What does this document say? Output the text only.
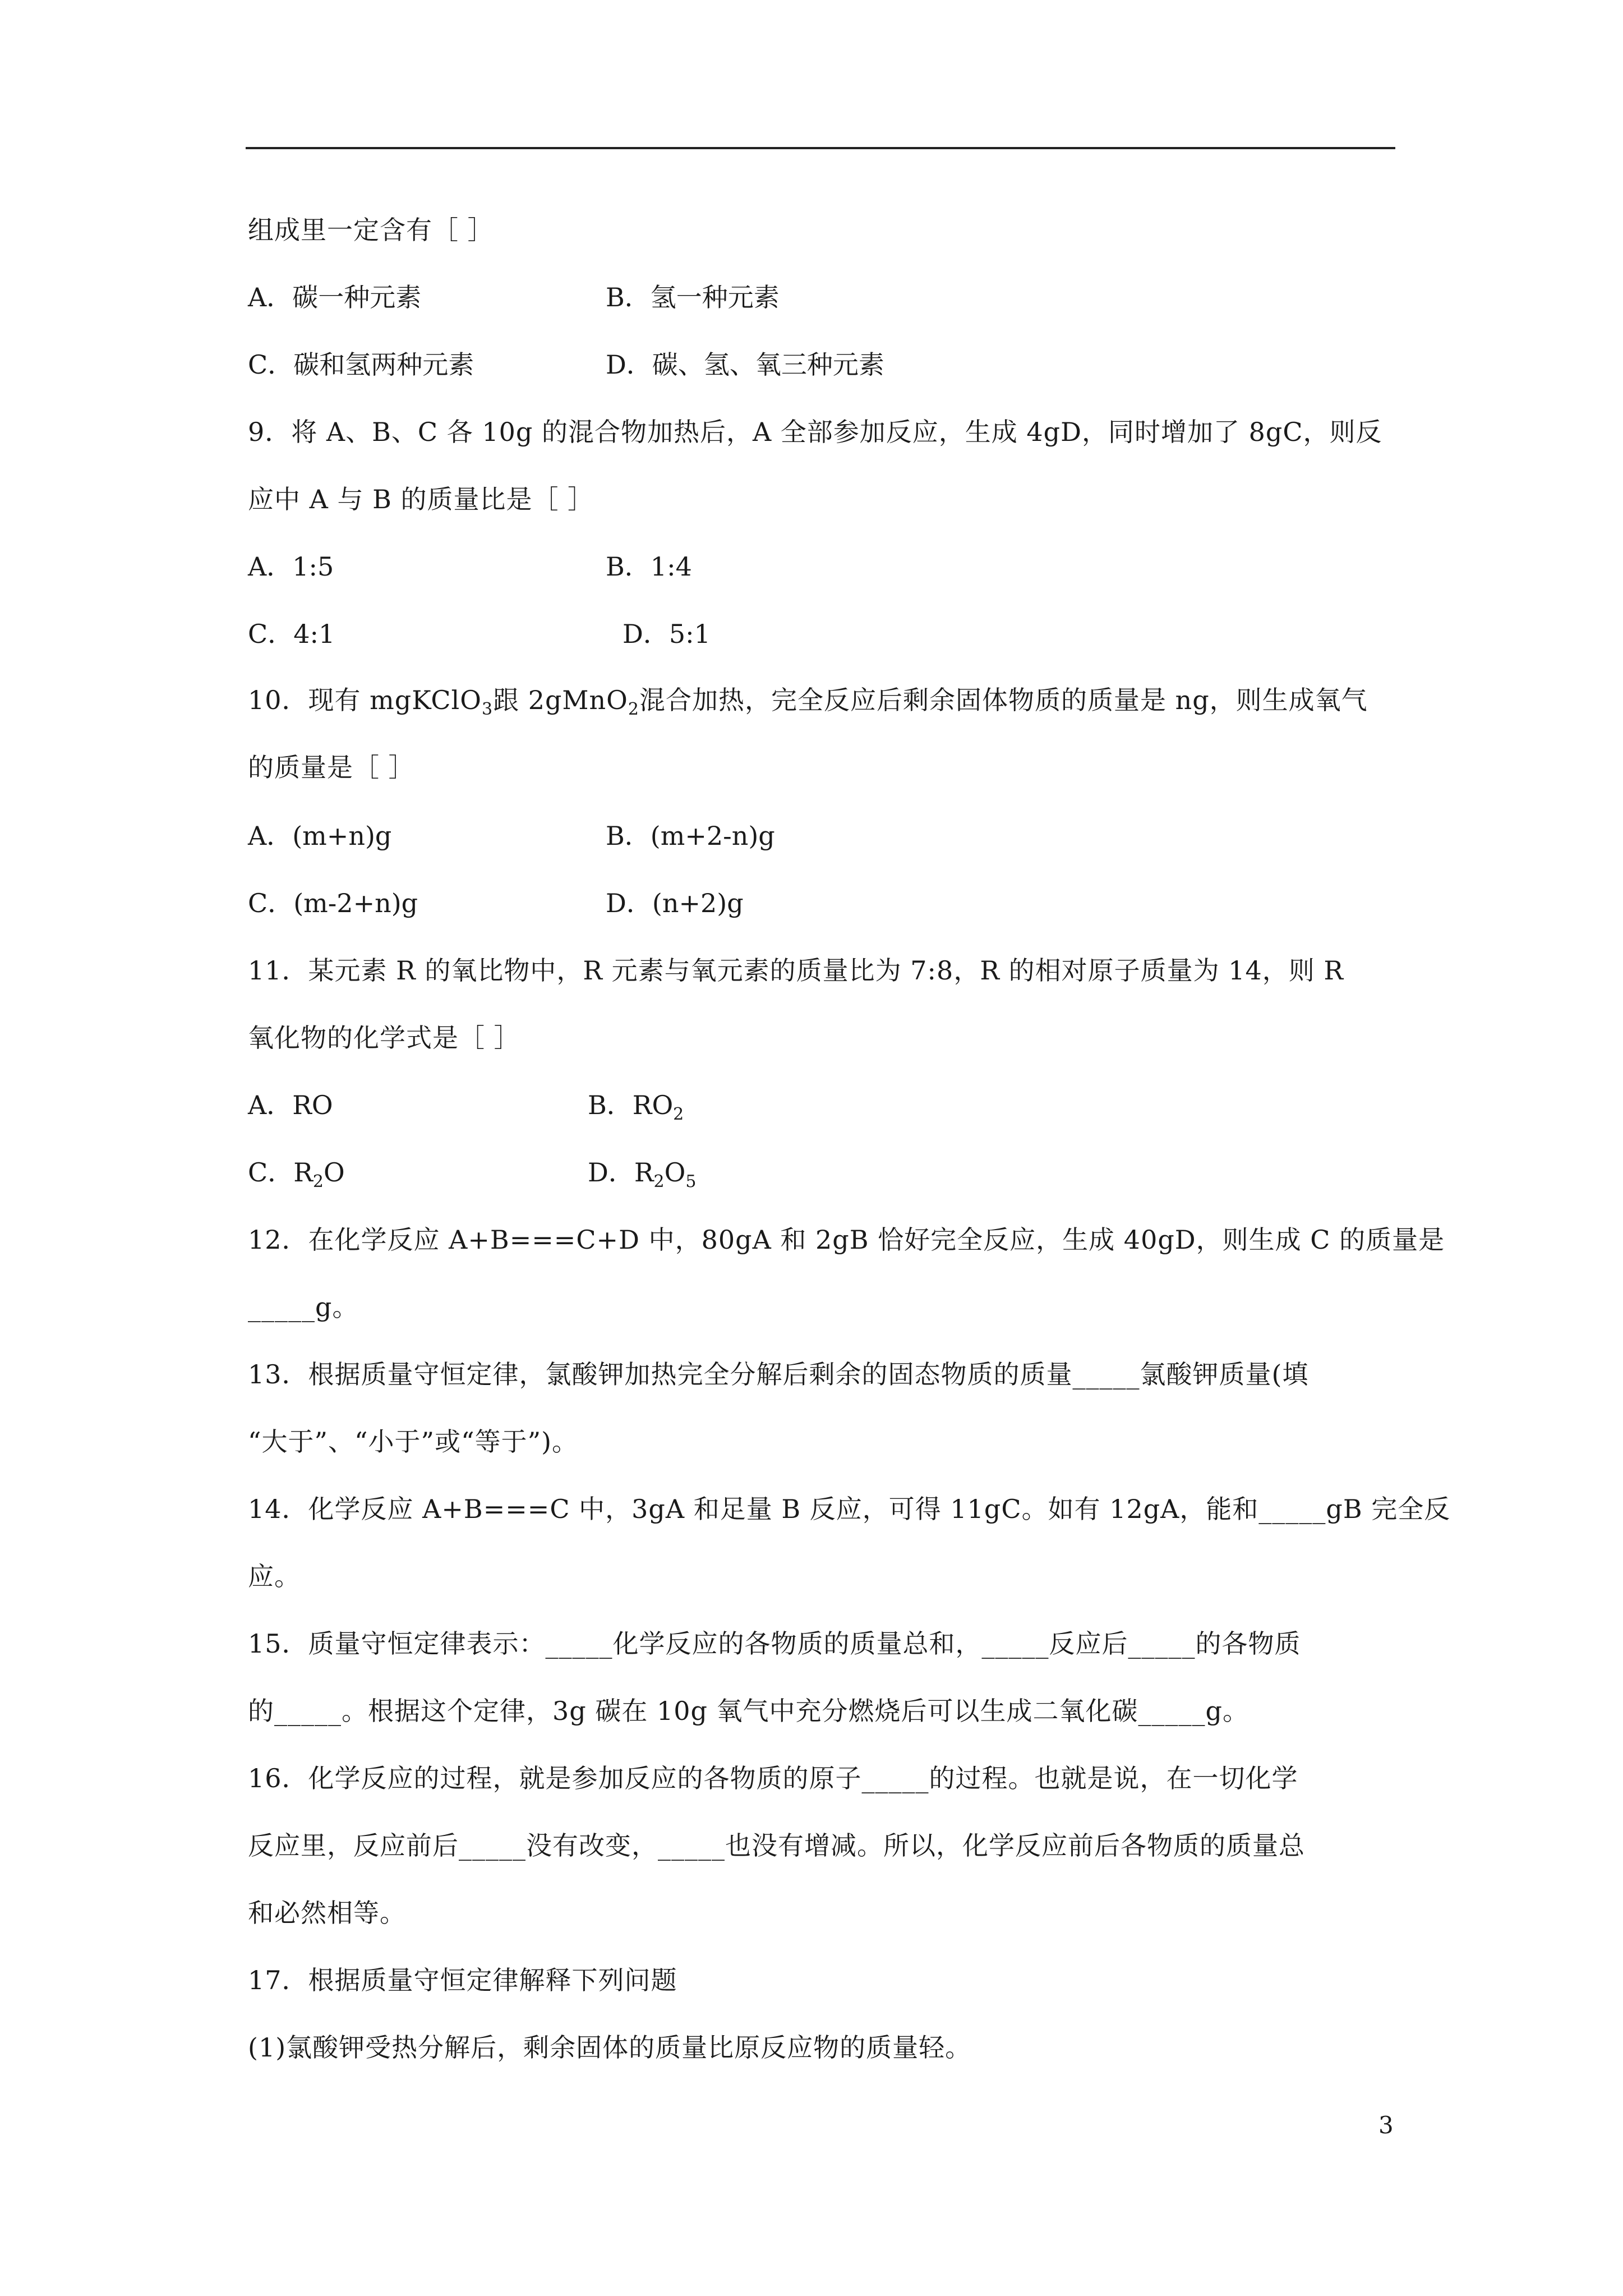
组成里一定含有［ ］
A．碳一种元素	B．氢一种元素
C．碳和氢两种元素	D．碳、氢、氧三种元素
9．将 A、B、C 各 10g 的混合物加热后，A 全部参加反应，生成 4gD，同时增加了 8gC，则反
应中 A 与 B 的质量比是［ ］
A．1:5	B．1:4
C．4:1	D．5:1
10．现有 mgKClO$_3$跟 2gMnO$_2$混合加热，完全反应后剩余固体物质的质量是 ng，则生成氧气
的质量是［ ］
A．(m+n)g	B．(m+2-n)g
C．(m-2+n)g	D．(n+2)g
11．某元素 R 的氧比物中，R 元素与氧元素的质量比为 7:8，R 的相对原子质量为 14，则 R
氧化物的化学式是［ ］
A．RO	B．$RO_2$
C．$R_2O$	D．$R_2O_5$
12．在化学反应 A+B===C+D 中，80gA 和 2gB 恰好完全反应，生成 40gD，则生成 C 的质量是
_____g。
13．根据质量守恒定律，氯酸钾加热完全分解后剩余的固态物质的质量_____氯酸钾质量(填
“大于”、“小于”或“等于”)。
14．化学反应 A+B===C 中，3gA 和足量 B 反应，可得 11gC。如有 12gA，能和_____gB 完全反
应。
15．质量守恒定律表示：_____化学反应的各物质的质量总和，_____反应后_____的各物质
的_____。根据这个定律，3g 碳在 10g 氧气中充分燃烧后可以生成二氧化碳_____g。
16．化学反应的过程，就是参加反应的各物质的原子_____的过程。也就是说，在一切化学
反应里，反应前后_____没有改变，_____也没有增减。所以，化学反应前后各物质的质量总
和必然相等。
17．根据质量守恒定律解释下列问题
(1)氯酸钾受热分解后，剩余固体的质量比原反应物的质量轻。
3
